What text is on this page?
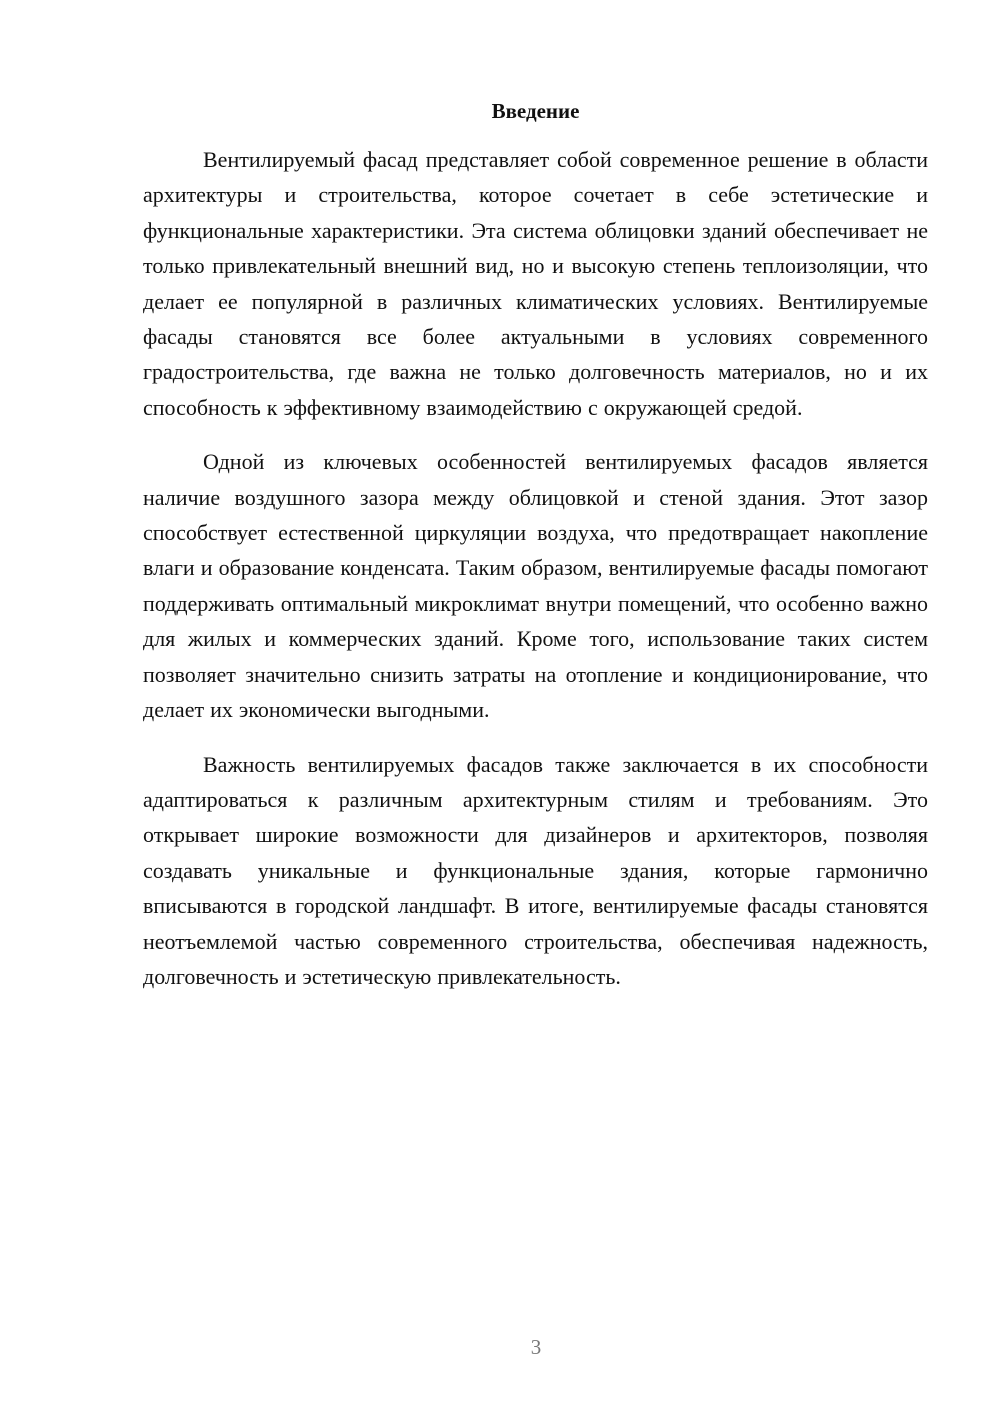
Введение

Вентилируемый фасад представляет собой современное решение в области архитектуры и строительства, которое сочетает в себе эстетические и функциональные характеристики. Эта система облицовки зданий обеспечивает не только привлекательный внешний вид, но и высокую степень теплоизоляции, что делает ее популярной в различных климатических условиях. Вентилируемые фасады становятся все более актуальными в условиях современного градостроительства, где важна не только долговечность материалов, но и их способность к эффективному взаимодействию с окружающей средой.

Одной из ключевых особенностей вентилируемых фасадов является наличие воздушного зазора между облицовкой и стеной здания. Этот зазор способствует естественной циркуляции воздуха, что предотвращает накопление влаги и образование конденсата. Таким образом, вентилируемые фасады помогают поддерживать оптимальный микроклимат внутри помещений, что особенно важно для жилых и коммерческих зданий. Кроме того, использование таких систем позволяет значительно снизить затраты на отопление и кондиционирование, что делает их экономически выгодными.

Важность вентилируемых фасадов также заключается в их способности адаптироваться к различным архитектурным стилям и требованиям. Это открывает широкие возможности для дизайнеров и архитекторов, позволяя создавать уникальные и функциональные здания, которые гармонично вписываются в городской ландшафт. В итоге, вентилируемые фасады становятся неотъемлемой частью современного строительства, обеспечивая надежность, долговечность и эстетическую привлекательность.

3
